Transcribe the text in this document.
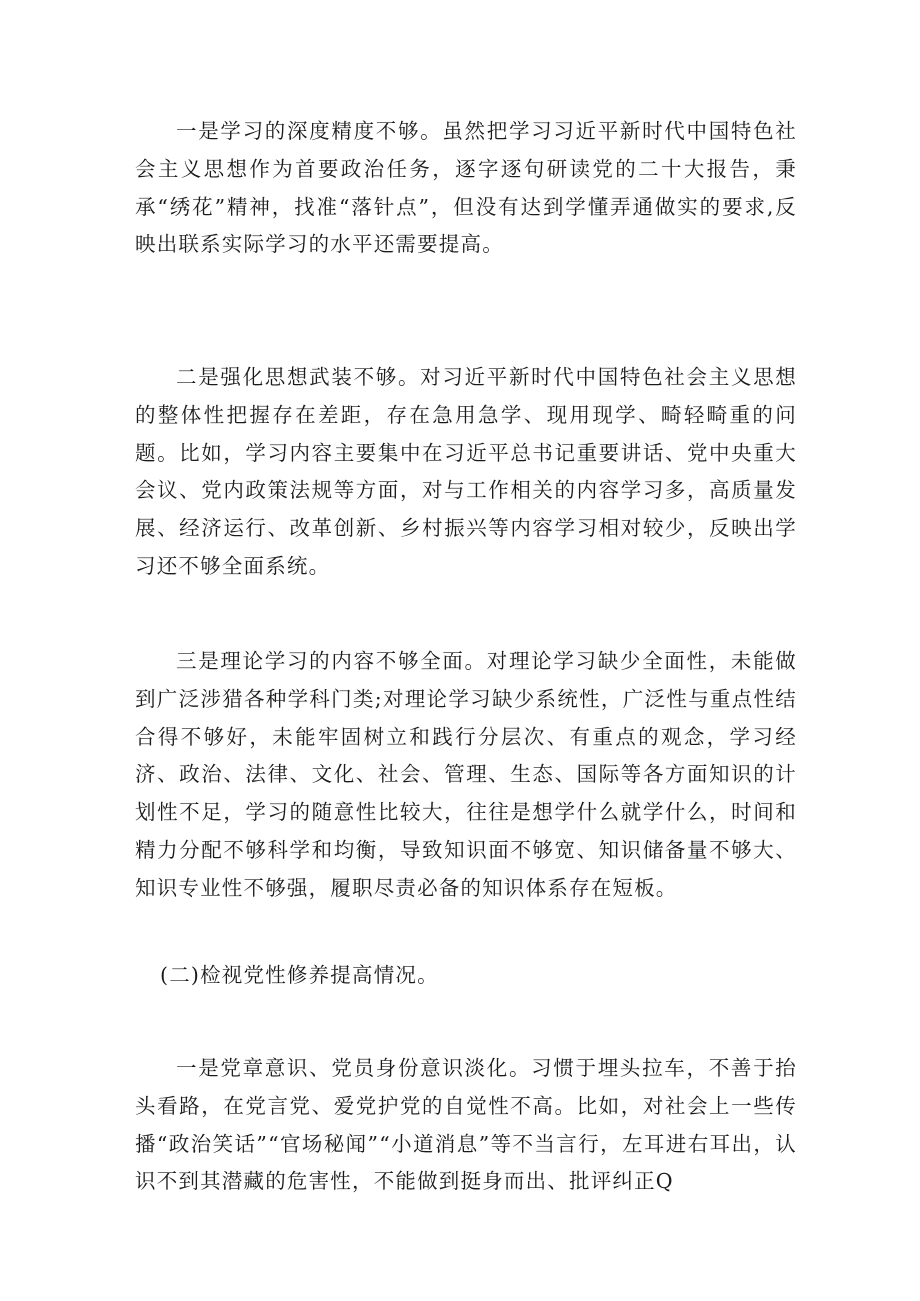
一是学习的深度精度不够。虽然把学习习近平新时代中国特色社会主义思想作为首要政治任务，逐字逐句研读党的二十大报告，秉承“绣花”精神，找准“落针点”，但没有达到学懂弄通做实的要求,反映出联系实际学习的水平还需要提高。

二是强化思想武装不够。对习近平新时代中国特色社会主义思想的整体性把握存在差距，存在急用急学、现用现学、畸轻畸重的问题。比如，学习内容主要集中在习近平总书记重要讲话、党中央重大会议、党内政策法规等方面，对与工作相关的内容学习多，高质量发展、经济运行、改革创新、乡村振兴等内容学习相对较少，反映出学习还不够全面系统。

三是理论学习的内容不够全面。对理论学习缺少全面性，未能做到广泛涉猎各种学科门类;对理论学习缺少系统性，广泛性与重点性结合得不够好，未能牢固树立和践行分层次、有重点的观念，学习经济、政治、法律、文化、社会、管理、生态、国际等各方面知识的计划性不足，学习的随意性比较大，往往是想学什么就学什么，时间和精力分配不够科学和均衡，导致知识面不够宽、知识储备量不够大、知识专业性不够强，履职尽责必备的知识体系存在短板。

(二)检视党性修养提高情况。

一是党章意识、党员身份意识淡化。习惯于埋头拉车，不善于抬头看路，在党言党、爱党护党的自觉性不高。比如，对社会上一些传播“政治笑话”“官场秘闻”“小道消息”等不当言行，左耳进右耳出，认识不到其潜藏的危害性，不能做到挺身而出、批评纠正Q
